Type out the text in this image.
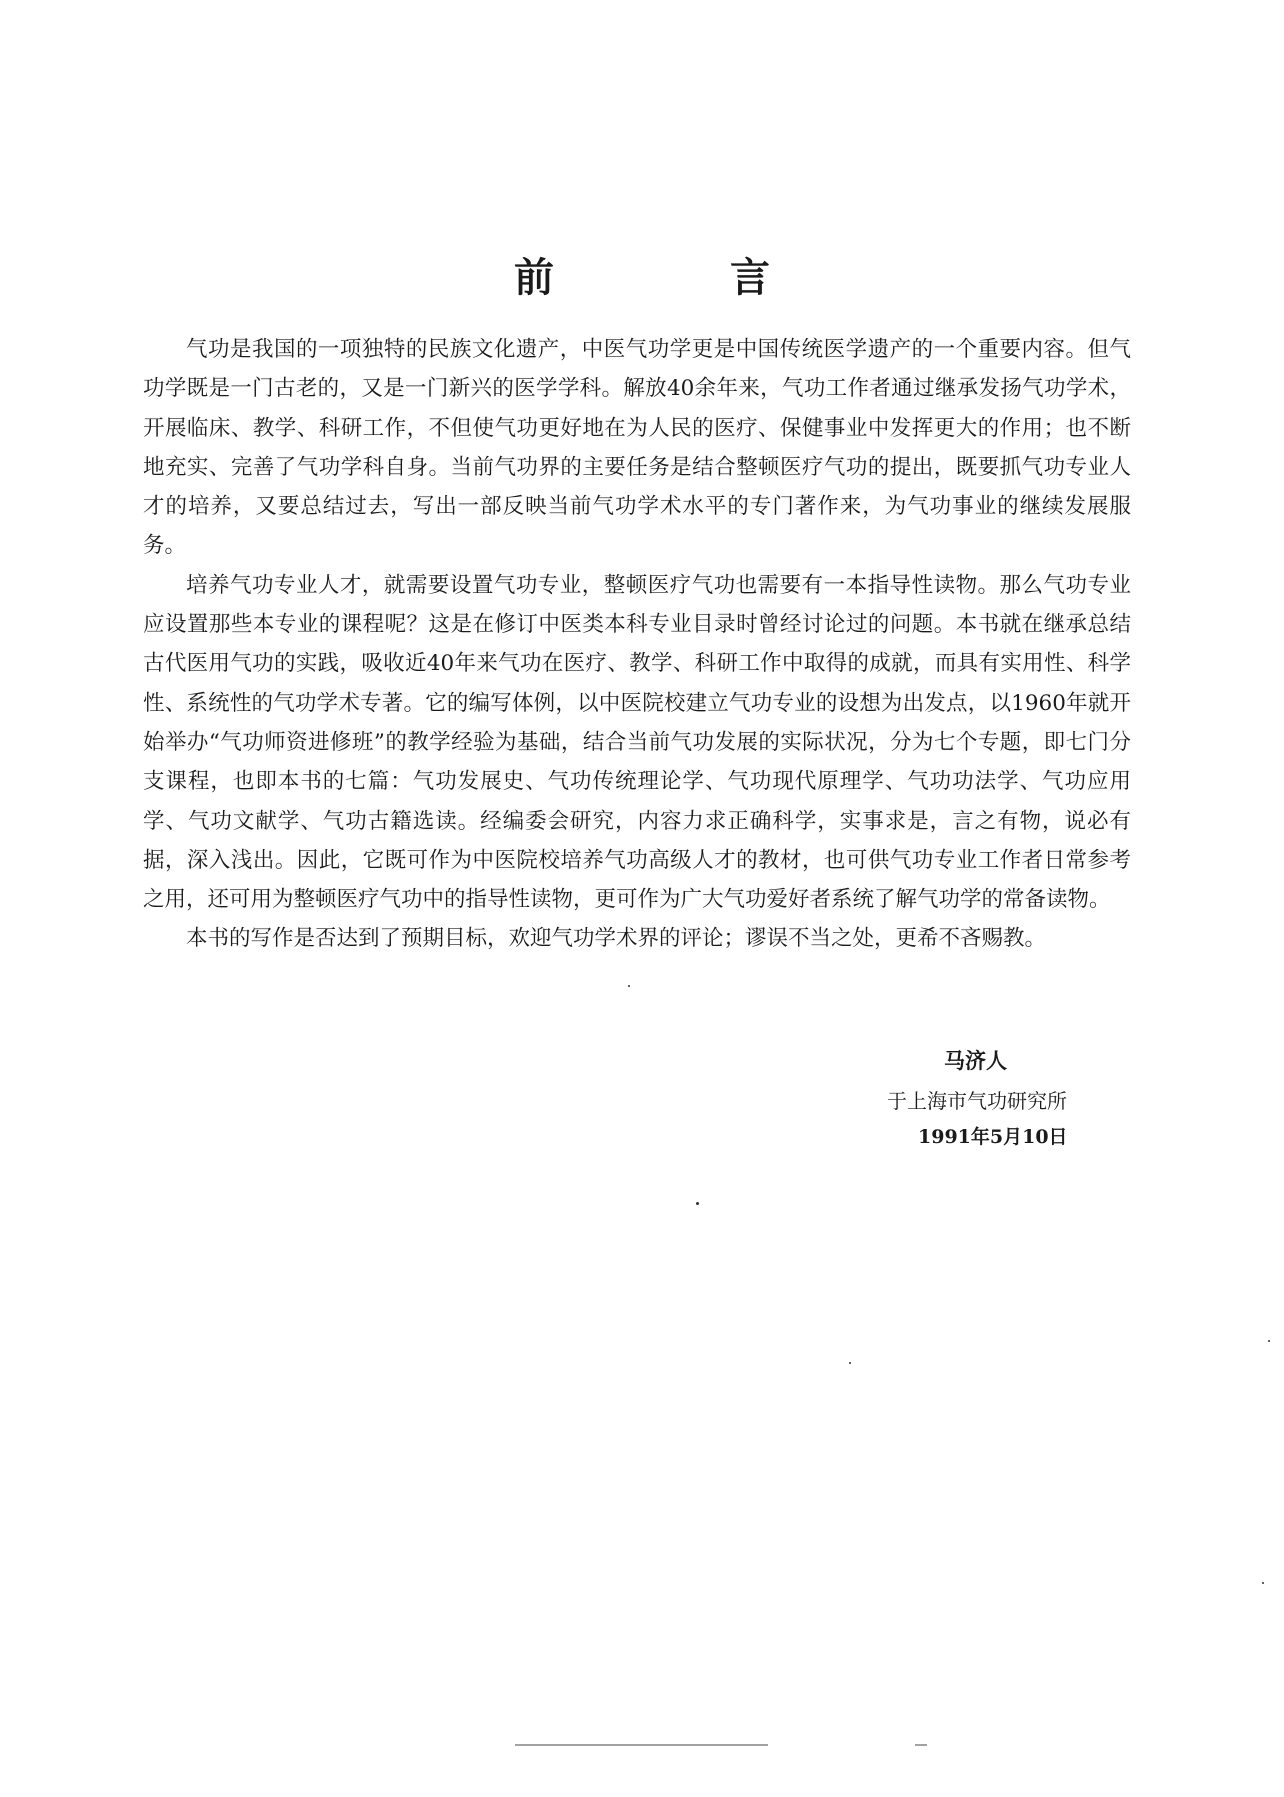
前　言

气功是我国的一项独特的民族文化遗产，中医气功学更是中国传统医学遗产的一个重要内容。但气功学既是一门古老的，又是一门新兴的医学学科。解放40余年来，气功工作者通过继承发扬气功学术，开展临床、教学、科研工作，不但使气功更好地在为人民的医疗、保健事业中发挥更大的作用；也不断地充实、完善了气功学科自身。当前气功界的主要任务是结合整顿医疗气功的提出，既要抓气功专业人才的培养，又要总结过去，写出一部反映当前气功学术水平的专门著作来，为气功事业的继续发展服务。

培养气功专业人才，就需要设置气功专业，整顿医疗气功也需要有一本指导性读物。那么气功专业应设置那些本专业的课程呢？这是在修订中医类本科专业目录时曾经讨论过的问题。本书就在继承总结古代医用气功的实践，吸收近40年来气功在医疗、教学、科研工作中取得的成就，而具有实用性、科学性、系统性的气功学术专著。它的编写体例，以中医院校建立气功专业的设想为出发点，以1960年就开始举办“气功师资进修班”的教学经验为基础，结合当前气功发展的实际状况，分为七个专题，即七门分支课程，也即本书的七篇：气功发展史、气功传统理论学、气功现代原理学、气功功法学、气功应用学、气功文献学、气功古籍选读。经编委会研究，内容力求正确科学，实事求是，言之有物，说必有据，深入浅出。因此，它既可作为中医院校培养气功高级人才的教材，也可供气功专业工作者日常参考之用，还可用为整顿医疗气功中的指导性读物，更可作为广大气功爱好者系统了解气功学的常备读物。

本书的写作是否达到了预期目标，欢迎气功学术界的评论；谬误不当之处，更希不吝赐教。

马济人
于上海市气功研究所
1991年5月10日
